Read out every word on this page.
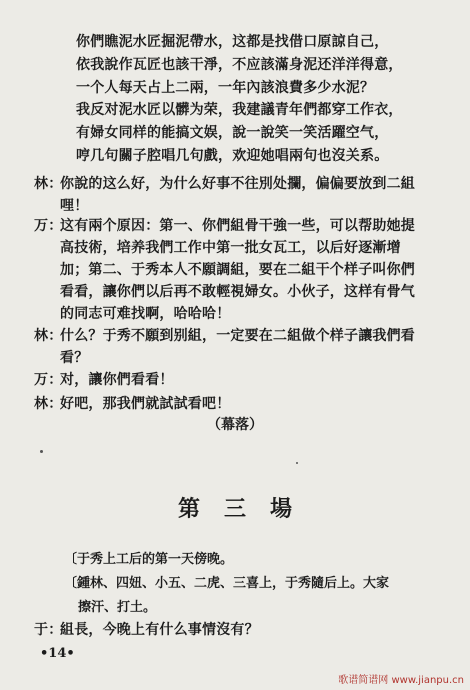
你們瞧泥水匠掘泥帶水，这都是找借口原諒自己，
依我說作瓦匠也該干淨，不应該滿身泥还洋洋得意，
一个人每天占上二兩，一年內該浪費多少水泥？
我反对泥水匠以髒为荣，我建議青年們都穿工作衣，
有婦女同样的能搞文娱，說一說笑一笑活躍空气，
哼几句關子腔唱几句戲，欢迎她唱兩句也沒关系。
林：
你說的这么好，为什么好事不往別处攔，偏偏要放到二組
哩！
万：
这有兩个原因：第一、你們組骨干強一些，可以帮助她提
高技術，培养我們工作中第一批女瓦工，以后好逐漸增
加；第二、于秀本人不願調組，要在二組干个样子叫你們
看看，讓你們以后再不敢輕視婦女。小伙子，这样有骨气
的同志可难找啊，哈哈哈！
林：
什么？于秀不願到别組，一定要在二組做个样子讓我們看
看？
万：
对，讓你們看看！
林：
好吧，那我們就試試看吧！
（幕落）
第三場
〔于秀上工后的第一天傍晚。
〔鍾林、四妞、小五、二虎、三喜上，于秀隨后上。大家
擦汗、打土。
于：
組長，今晚上有什么事情沒有？
•14•
歌谱简谱网 www.jianpu.cn
